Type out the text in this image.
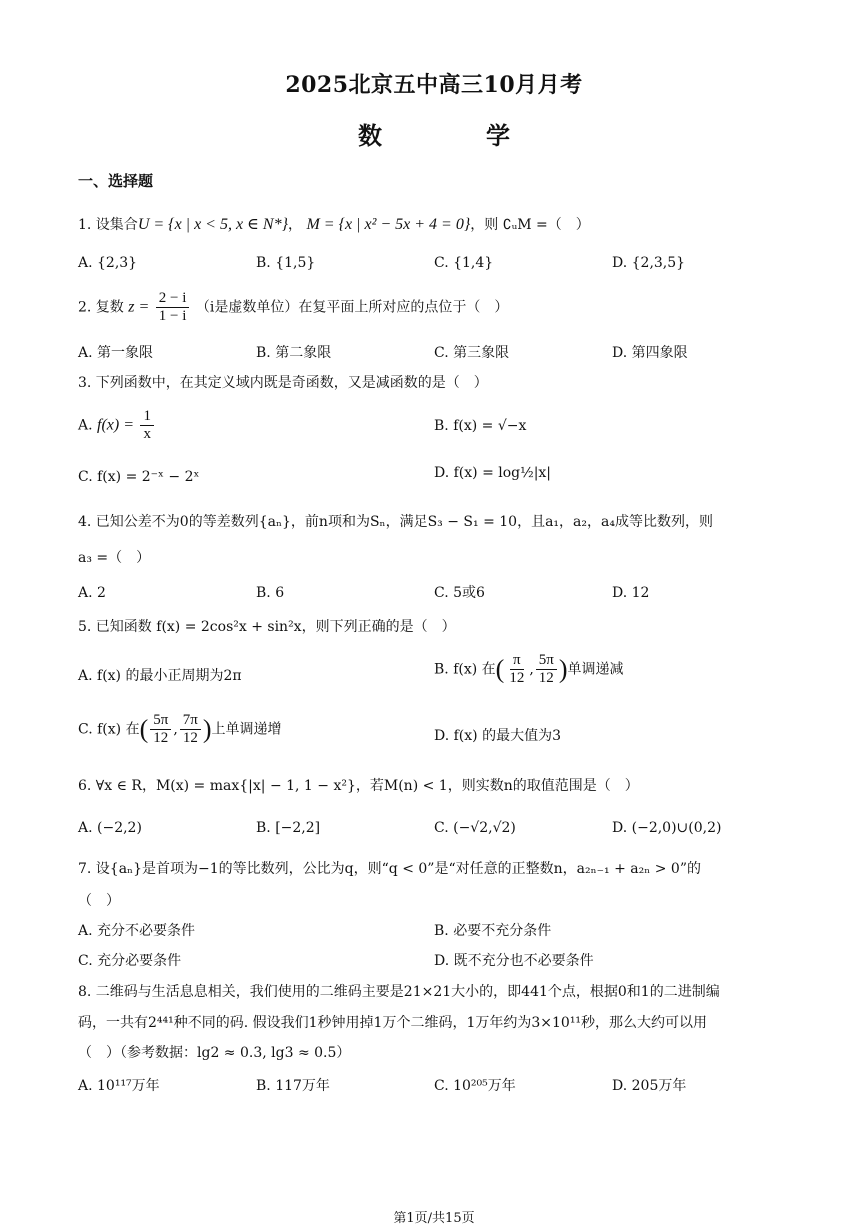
2025北京五中高三10月月考
数　学
一、选择题
1. 设集合U = {x | x < 5, x ∈ N*}， M = {x | x² − 5x + 4 = 0}，则 ∁ᵤM =（　）
A. {2,3}	B. {1,5}	C. {1,4}	D. {2,3,5}
2. 复数 $z = \frac{2 - i}{1 - i} (i$是虚数单位）在复平面上所对应的点位于（　）
A. 第一象限	B. 第二象限	C. 第三象限	D. 第四象限
3. 下列函数中，在其定义域内既是奇函数，又是减函数的是（　）
A. $f(x) = \frac{1}{x}$	B. f(x) = √−x
C. f(x) = 2⁻ˣ − 2ˣ	D. f(x) = log½|x|
4. 已知公差不为0的等差数列{aₙ}，前n项和为Sₙ，满足S₃ − S₁ = 10，且a₁，a₂，a₄成等比数列，则
a₃ =（　）
A. 2	B. 6	C. 5或6	D. 12
5. 已知函数 f(x) = 2cos²x + sin²x，则下列正确的是（　）
A. f(x) 的最小正周期为2π	B. f(x) 在( $\frac{\pi}{12}$ , $\frac{5\pi}{12}$ )单调递减
C. f(x) 在( $\frac{5\pi}{12}$ , $\frac{7\pi}{12}$ )上单调递增	D. f(x) 的最大值为3
6. ∀x ∈ R，M(x) = max{|x| − 1, 1 − x²}，若M(n) < 1，则实数n的取值范围是（　）
A. (−2,2)	B. [−2,2]	C. (−√2,√2)	D. (−2,0)∪(0,2)
7. 设{aₙ}是首项为−1的等比数列，公比为q，则“q < 0”是“对任意的正整数n，a₂ₙ₋₁ + a₂ₙ > 0”的
（　）
A. 充分不必要条件	B. 必要不充分条件
C. 充分必要条件	D. 既不充分也不必要条件
8. 二维码与生活息息相关，我们使用的二维码主要是21×21大小的，即441个点，根据0和1的二进制编
码，一共有2⁴⁴¹种不同的码. 假设我们1秒钟用掉1万个二维码，1万年约为3×10¹¹秒，那么大约可以用
（　）（参考数据：lg2 ≈ 0.3, lg3 ≈ 0.5）
A. 10¹¹⁷万年	B. 117万年	C. 10²⁰⁵万年	D. 205万年
第1页/共15页
